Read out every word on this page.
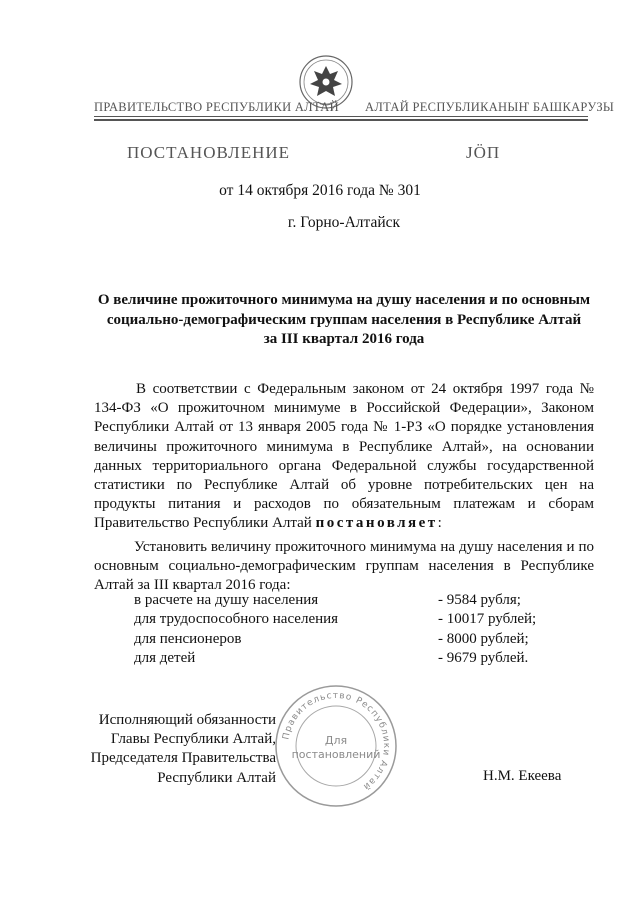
ПРАВИТЕЛЬСТВО РЕСПУБЛИКИ АЛТАЙ АЛТАЙ РЕСПУБЛИКАНЫҤ БАШКАРУЗЫ
ПОСТАНОВЛЕНИЕ	ЈӦП
от 14 октября 2016 года № 301
г. Горно-Алтайск
О величине прожиточного минимума на душу населения и по основным
социально-демографическим группам населения в Республике Алтай
за III квартал 2016 года
В соответствии с Федеральным законом от 24 октября 1997 года № 134-ФЗ «О прожиточном минимуме в Российской Федерации», Законом Республики Алтай от 13 января 2005 года № 1-РЗ «О порядке установления величины прожиточного минимума в Республике Алтай», на основании данных территориального органа Федеральной службы государственной статистики по Республике Алтай об уровне потребительских цен на продукты питания и расходов по обязательным платежам и сборам Правительство Республики Алтай постановляет:
Установить величину прожиточного минимума на душу населения и по основным социально-демографическим группам населения в Республике Алтай за III квартал 2016 года:
в расчете на душу населения	- 9584 рубля;
для трудоспособного населения	- 10017 рублей;
для пенсионеров	- 8000 рублей;
для детей	- 9679 рублей.
Правительство Республики Алтай
Для
постановлений
Исполняющий обязанности
Главы Республики Алтай,
Председателя Правительства
Республики Алтай	Н.М. Екеева
